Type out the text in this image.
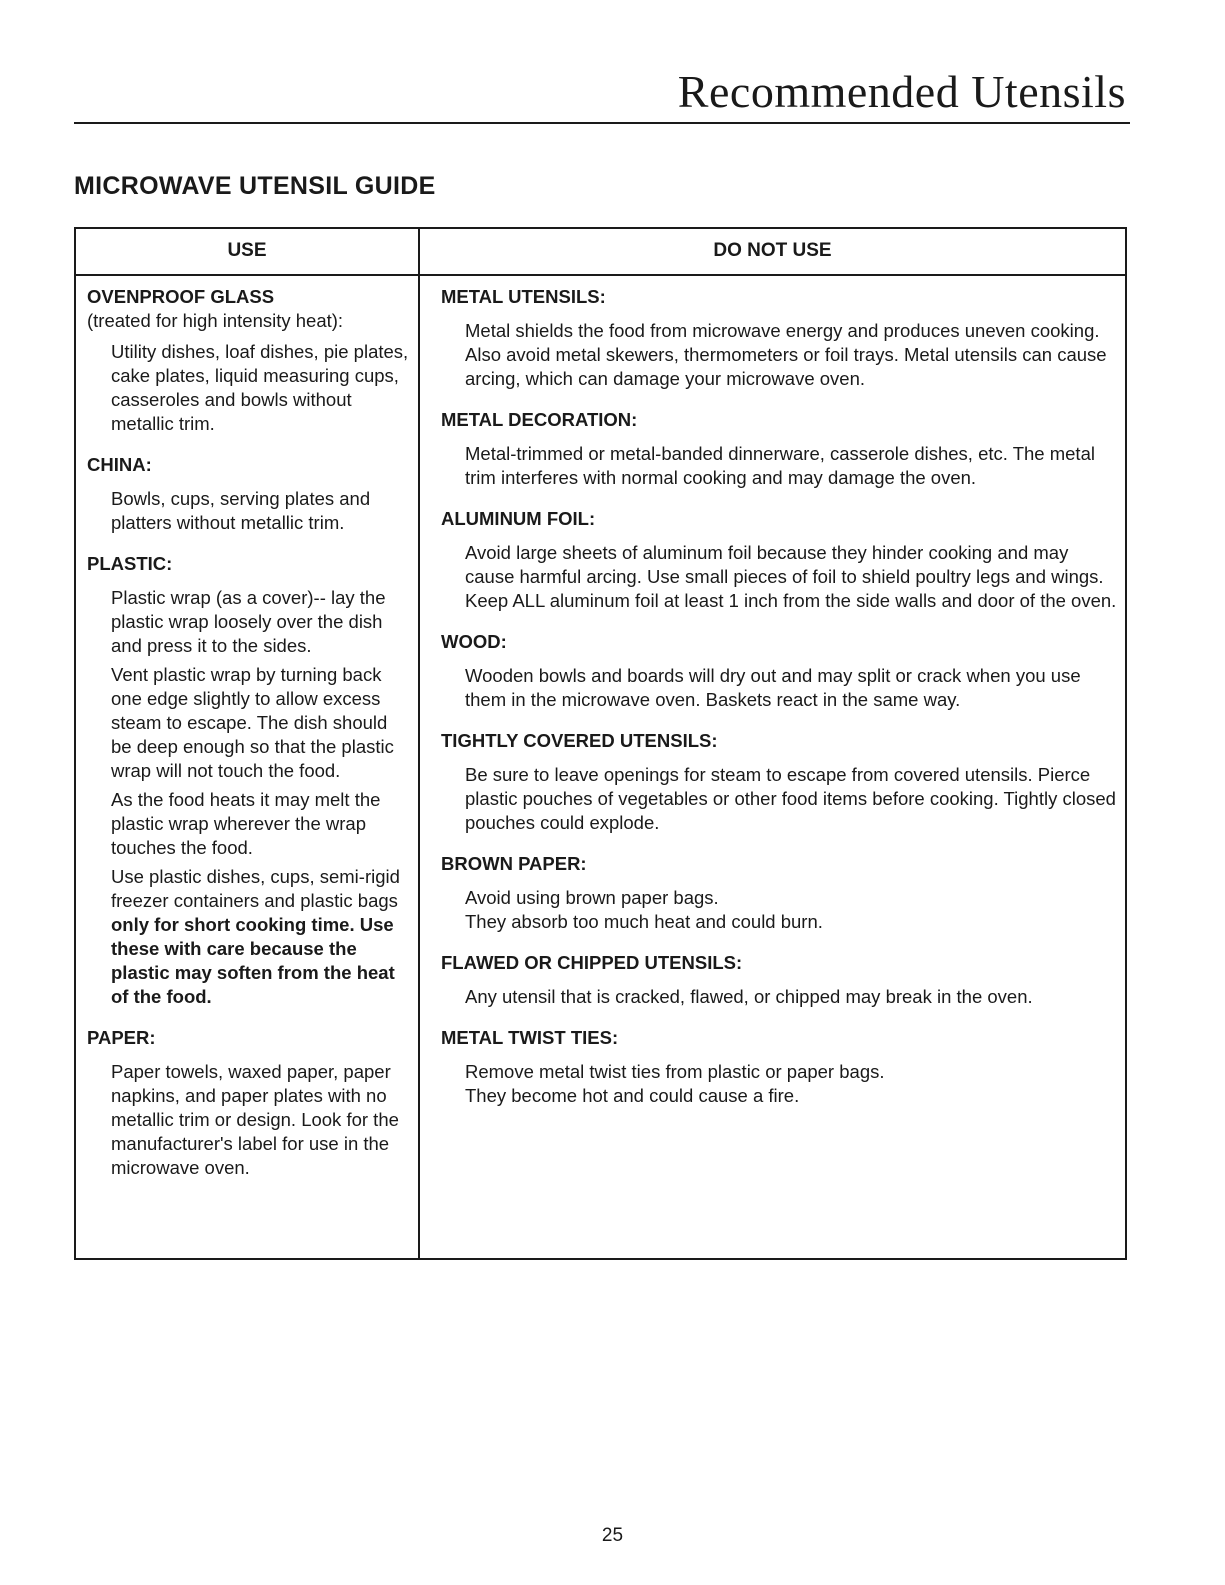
Recommended Utensils
MICROWAVE UTENSIL GUIDE
USE	DO NOT USE
OVENPROOF GLASS
(treated for high intensity heat):

Utility dishes, loaf dishes, pie plates, cake plates, liquid measuring cups, casseroles and bowls without metallic trim.

CHINA:

Bowls, cups, serving plates and platters without metallic trim.

PLASTIC:

Plastic wrap (as a cover)-- lay the plastic wrap loosely over the dish and press it to the sides.

Vent plastic wrap by turning back one edge slightly to allow excess steam to escape. The dish should be deep enough so that the plastic wrap will not touch the food.

As the food heats it may melt the plastic wrap wherever the wrap touches the food.

Use plastic dishes, cups, semi-rigid freezer containers and plastic bags only for short cooking time. Use these with care because the plastic may soften from the heat of the food.

PAPER:

Paper towels, waxed paper, paper napkins, and paper plates with no metallic trim or design. Look for the manufacturer's label for use in the microwave oven.

METAL UTENSILS:

Metal shields the food from microwave energy and produces uneven cooking. Also avoid metal skewers, thermometers or foil trays. Metal utensils can cause arcing, which can damage your microwave oven.

METAL DECORATION:

Metal-trimmed or metal-banded dinnerware, casserole dishes, etc. The metal trim interferes with normal cooking and may damage the oven.

ALUMINUM FOIL:

Avoid large sheets of aluminum foil because they hinder cooking and may cause harmful arcing. Use small pieces of foil to shield poultry legs and wings. Keep ALL aluminum foil at least 1 inch from the side walls and door of the oven.

WOOD:

Wooden bowls and boards will dry out and may split or crack when you use them in the microwave oven. Baskets react in the same way.

TIGHTLY COVERED UTENSILS:

Be sure to leave openings for steam to escape from covered utensils. Pierce plastic pouches of vegetables or other food items before cooking. Tightly closed pouches could explode.

BROWN PAPER:

Avoid using brown paper bags.
They absorb too much heat and could burn.

FLAWED OR CHIPPED UTENSILS:

Any utensil that is cracked, flawed, or chipped may break in the oven.

METAL TWIST TIES:

Remove metal twist ties from plastic or paper bags.
They become hot and could cause a fire.

25
